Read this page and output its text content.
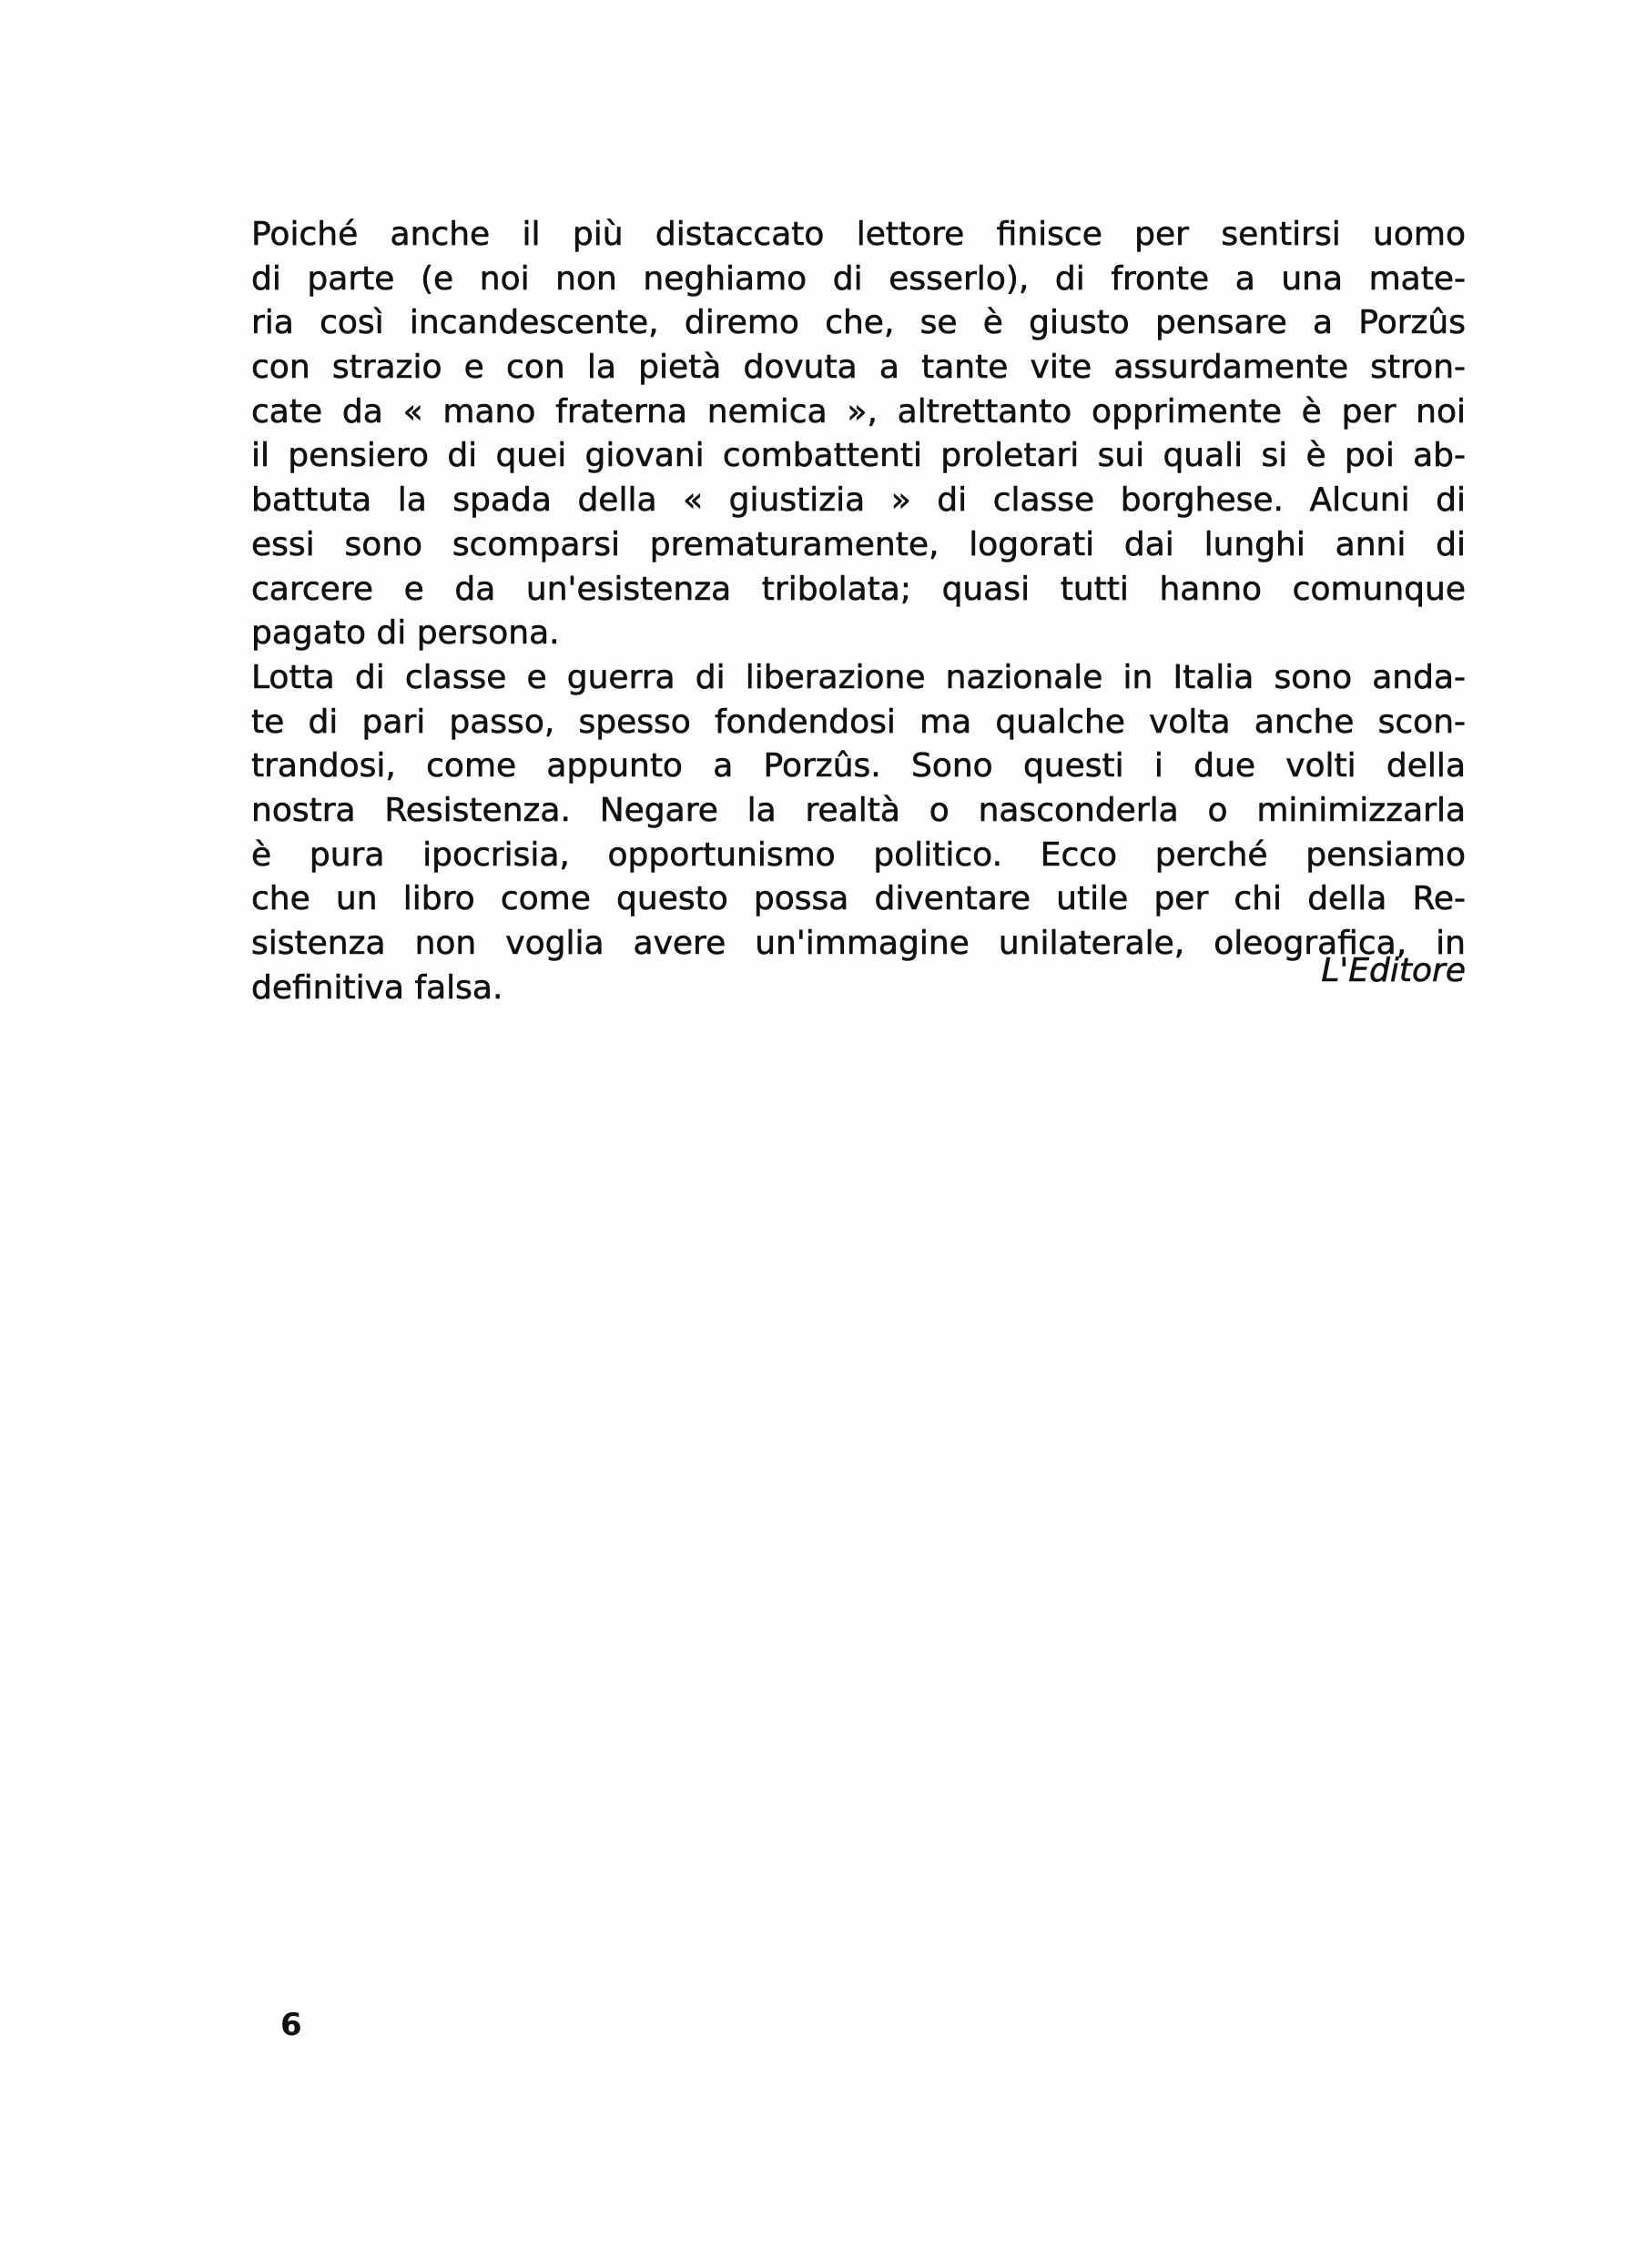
Poiché anche il più distaccato lettore finisce per sentirsi uomo
di parte (e noi non neghiamo di esserlo), di fronte a una mate-
ria così incandescente, diremo che, se è giusto pensare a Porzûs
con strazio e con la pietà dovuta a tante vite assurdamente stron-
cate da « mano fraterna nemica », altrettanto opprimente è per noi
il pensiero di quei giovani combattenti proletari sui quali si è poi ab-
battuta la spada della « giustizia » di classe borghese. Alcuni di
essi sono scomparsi prematuramente, logorati dai lunghi anni di
carcere e da un'esistenza tribolata; quasi tutti hanno comunque
pagato di persona.
Lotta di classe e guerra di liberazione nazionale in Italia sono anda-
te di pari passo, spesso fondendosi ma qualche volta anche scon-
trandosi, come appunto a Porzûs. Sono questi i due volti della
nostra Resistenza. Negare la realtà o nasconderla o minimizzarla
è pura ipocrisia, opportunismo politico. Ecco perché pensiamo
che un libro come questo possa diventare utile per chi della Re-
sistenza non voglia avere un'immagine unilaterale, oleografica, in
definitiva falsa.	L'Editore
6
